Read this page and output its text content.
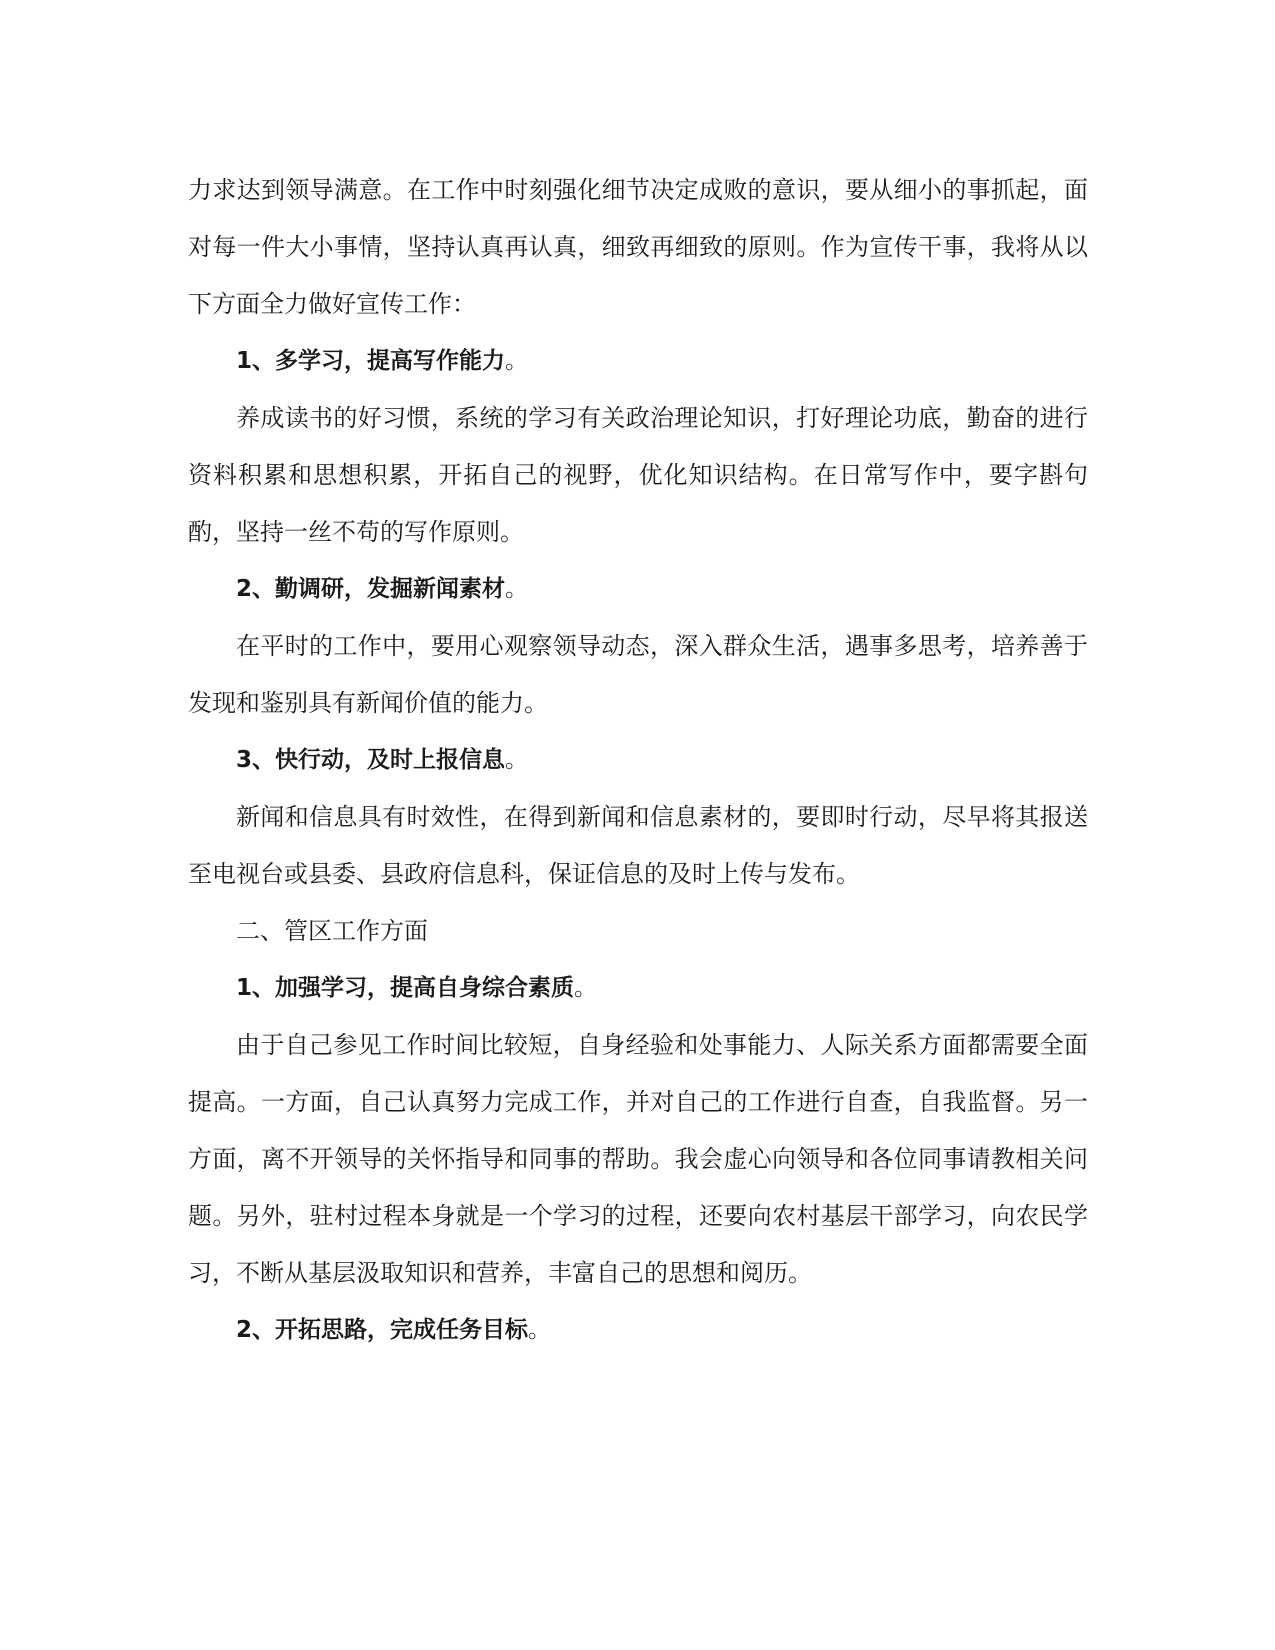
力求达到领导满意。在工作中时刻强化细节决定成败的意识，要从细小的事抓起，面对每一件大小事情，坚持认真再认真，细致再细致的原则。作为宣传干事，我将从以下方面全力做好宣传工作：

1、多学习，提高写作能力。

养成读书的好习惯，系统的学习有关政治理论知识，打好理论功底，勤奋的进行资料积累和思想积累，开拓自己的视野，优化知识结构。在日常写作中，要字斟句酌，坚持一丝不苟的写作原则。

2、勤调研，发掘新闻素材。

在平时的工作中，要用心观察领导动态，深入群众生活，遇事多思考，培养善于发现和鉴别具有新闻价值的能力。

3、快行动，及时上报信息。

新闻和信息具有时效性，在得到新闻和信息素材的，要即时行动，尽早将其报送至电视台或县委、县政府信息科，保证信息的及时上传与发布。

二、管区工作方面

1、加强学习，提高自身综合素质。

由于自己参见工作时间比较短，自身经验和处事能力、人际关系方面都需要全面提高。一方面，自己认真努力完成工作，并对自己的工作进行自查，自我监督。另一方面，离不开领导的关怀指导和同事的帮助。我会虚心向领导和各位同事请教相关问题。另外，驻村过程本身就是一个学习的过程，还要向农村基层干部学习，向农民学习，不断从基层汲取知识和营养，丰富自己的思想和阅历。

2、开拓思路，完成任务目标。
